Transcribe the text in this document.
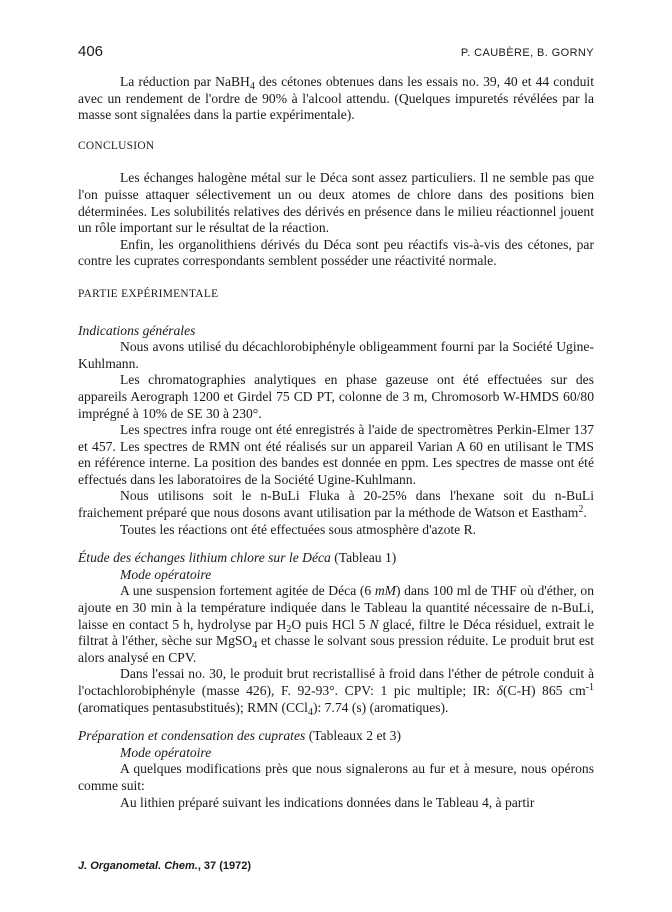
406	P. CAUBÈRE, B. GORNY

La réduction par NaBH$_4$ des cétones obtenues dans les essais no. 39, 40 et 44 conduit avec un rendement de l'ordre de 90% à l'alcool attendu. (Quelques impuretés révélées par la masse sont signalées dans la partie expérimentale).

CONCLUSION

Les échanges halogène métal sur le Déca sont assez particuliers. Il ne semble pas que l'on puisse attaquer sélectivement un ou deux atomes de chlore dans des positions bien déterminées. Les solubilités relatives des dérivés en présence dans le milieu réactionnel jouent un rôle important sur le résultat de la réaction.

Enfin, les organolithiens dérivés du Déca sont peu réactifs vis-à-vis des cétones, par contre les cuprates correspondants semblent posséder une réactivité normale.

PARTIE EXPÉRIMENTALE

Indications générales

Nous avons utilisé du décachlorobiphényle obligeamment fourni par la Société Ugine-Kuhlmann.

Les chromatographies analytiques en phase gazeuse ont été effectuées sur des appareils Aerograph 1200 et Girdel 75 CD PT, colonne de 3 m, Chromosorb W-HMDS 60/80 imprégné à 10% de SE 30 à 230°.

Les spectres infra rouge ont été enregistrés à l'aide de spectromètres Perkin-Elmer 137 et 457. Les spectres de RMN ont été réalisés sur un appareil Varian A 60 en utilisant le TMS en référence interne. La position des bandes est donnée en ppm. Les spectres de masse ont été effectués dans les laboratoires de la Société Ugine-Kuhlmann.

Nous utilisons soit le n-BuLi Fluka à 20-25% dans l'hexane soit du n-BuLi fraichement préparé que nous dosons avant utilisation par la méthode de Watson et Eastham$^2$.

Toutes les réactions ont été effectuées sous atmosphère d'azote R.

Étude des échanges lithium chlore sur le Déca (Tableau 1)

Mode opératoire

A une suspension fortement agitée de Déca (6 mM) dans 100 ml de THF où d'éther, on ajoute en 30 min à la température indiquée dans le Tableau la quantité nécessaire de n-BuLi, laisse en contact 5 h, hydrolyse par $H_2O$ puis HCl 5 N glacé, filtre le Déca résiduel, extrait le filtrat à l'éther, sèche sur MgSO$_4$ et chasse le solvant sous pression réduite. Le produit brut est alors analysé en CPV.

Dans l'essai no. 30, le produit brut recristallisé à froid dans l'éther de pétrole conduit à l'octachlorobiphényle (masse 426), F. 92-93°. CPV: 1 pic multiple; IR: δ(C-H) 865 $cm^{-1}$ (aromatiques pentasubstitués); RMN (CCl$_4$): 7.74 (s) (aromatiques).

Préparation et condensation des cuprates (Tableaux 2 et 3)

Mode opératoire

A quelques modifications près que nous signalerons au fur et à mesure, nous opérons comme suit:

Au lithien préparé suivant les indications données dans le Tableau 4, à partir

J. Organometal. Chem., 37 (1972)
